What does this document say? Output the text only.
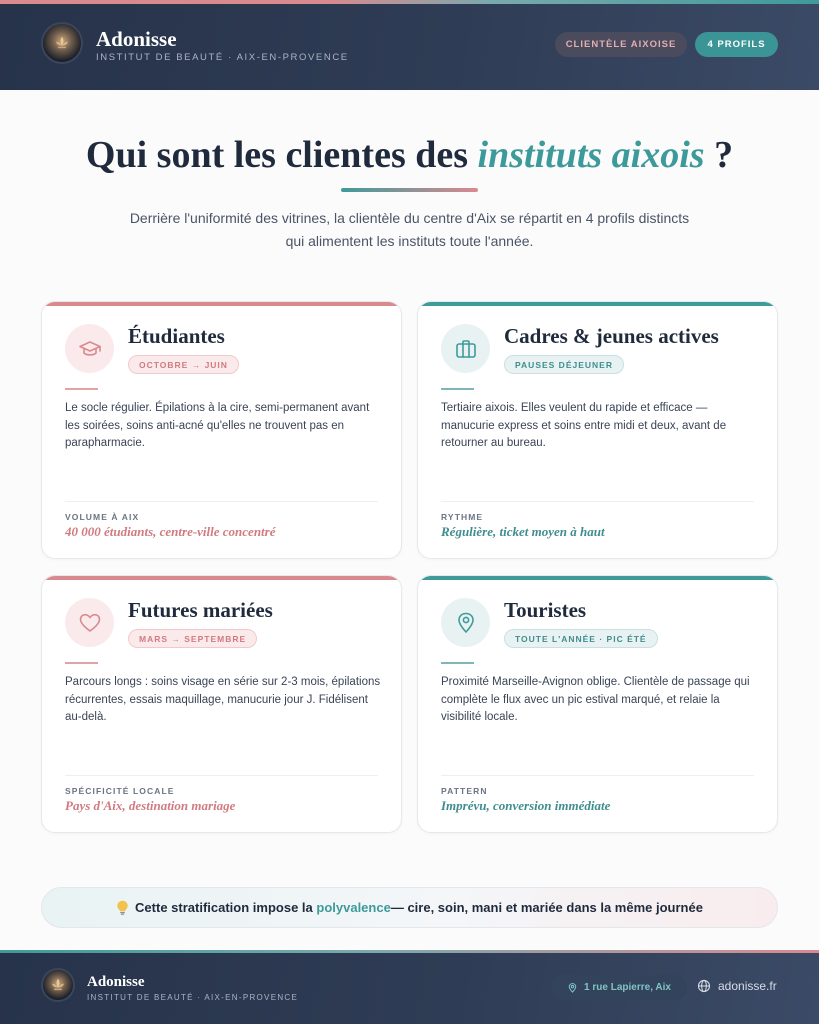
Adonisse
INSTITUT DE BEAUTÉ · AIX-EN-PROVENCE
CLIENTÈLE AIXOISE	4 PROFILS
Qui sont les clientes des instituts aixois ?

Derrière l'uniformité des vitrines, la clientèle du centre d'Aix se répartit en 4 profils distincts
qui alimentent les instituts toute l'année.

Étudiantes
OCTOBRE → JUIN

Le socle régulier. Épilations à la cire, semi-permanent avant les soirées, soins anti-acné qu'elles ne trouvent pas en parapharmacie.

VOLUME À AIX
40 000 étudiants, centre-ville concentré
Cadres & jeunes actives
PAUSES DÉJEUNER

Tertiaire aixois. Elles veulent du rapide et efficace — manucurie express et soins entre midi et deux, avant de retourner au bureau.

RYTHME
Régulière, ticket moyen à haut
Futures mariées
MARS → SEPTEMBRE

Parcours longs : soins visage en série sur 2-3 mois, épilations récurrentes, essais maquillage, manucurie jour J. Fidélisent au-delà.

SPÉCIFICITÉ LOCALE
Pays d'Aix, destination mariage
Touristes
TOUTE L'ANNÉE · PIC ÉTÉ

Proximité Marseille-Avignon oblige. Clientèle de passage qui complète le flux avec un pic estival marqué, et relaie la visibilité locale.

PATTERN
Imprévu, conversion immédiate
Cette stratification impose la
polyvalence — cire, soin, mani et mariée dans la même journée
Adonisse
INSTITUT DE BEAUTÉ · AIX-EN-PROVENCE
1 rue Lapierre, Aix	adonisse.fr
